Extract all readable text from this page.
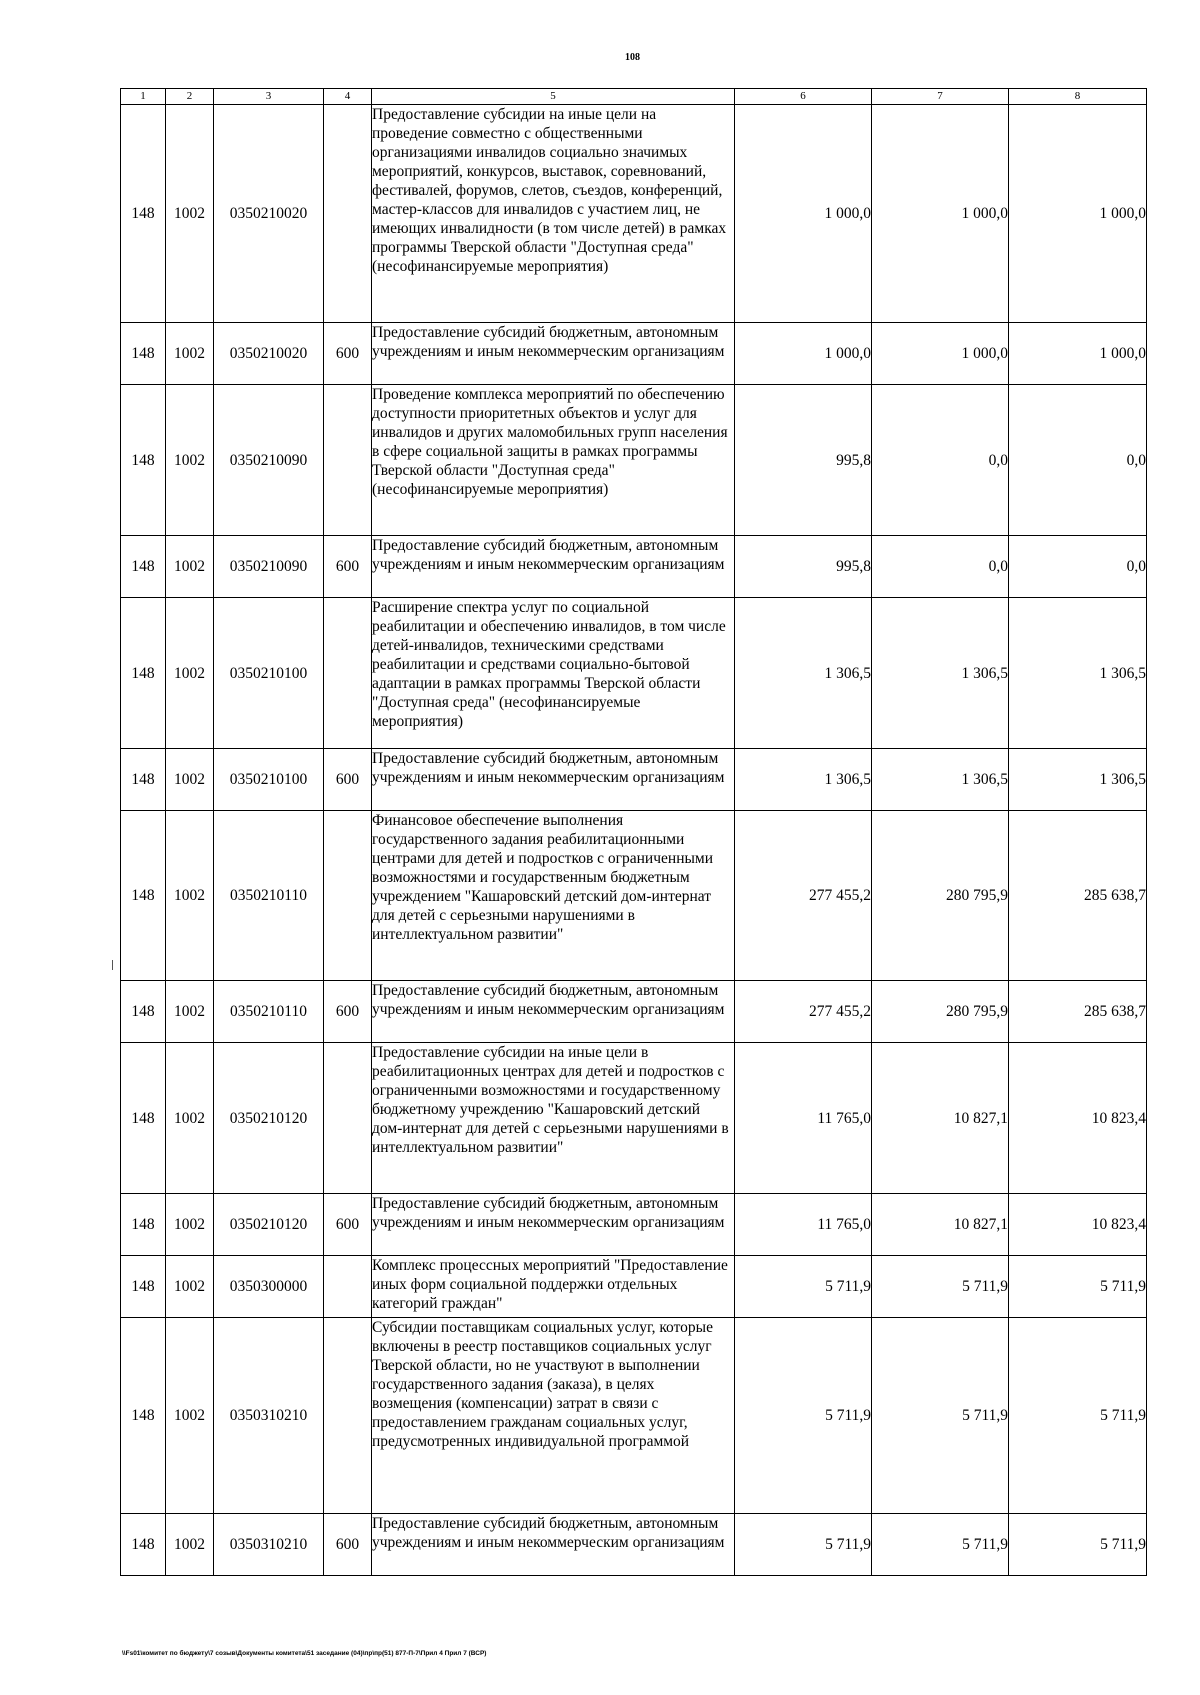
108
1	2	3	4	5	6	7	8
148	1002	0350210020		Предоставление субсидии на иные цели на проведение совместно с общественными организациями инвалидов социально значимых мероприятий, конкурсов, выставок, соревнований, фестивалей, форумов, слетов, съездов, конференций, мастер-классов для инвалидов с участием лиц, не имеющих инвалидности (в том числе детей) в рамках программы Тверской области "Доступная среда" (несофинансируемые мероприятия)	1 000,0	1 000,0	1 000,0
148	1002	0350210020	600	Предоставление субсидий бюджетным, автономным учреждениям и иным некоммерческим организациям	1 000,0	1 000,0	1 000,0
148	1002	0350210090		Проведение комплекса мероприятий по обеспечению доступности приоритетных объектов и услуг для инвалидов и других маломобильных групп населения в сфере социальной защиты в рамках программы Тверской области "Доступная среда" (несофинансируемые мероприятия)	995,8	0,0	0,0
148	1002	0350210090	600	Предоставление субсидий бюджетным, автономным учреждениям и иным некоммерческим организациям	995,8	0,0	0,0
148	1002	0350210100		Расширение спектра услуг по социальной реабилитации и обеспечению инвалидов, в том числе детей-инвалидов, техническими средствами реабилитации и средствами социально-бытовой адаптации в рамках программы Тверской области "Доступная среда" (несофинансируемые мероприятия)	1 306,5	1 306,5	1 306,5
148	1002	0350210100	600	Предоставление субсидий бюджетным, автономным учреждениям и иным некоммерческим организациям	1 306,5	1 306,5	1 306,5
148	1002	0350210110		Финансовое обеспечение выполнения государственного задания реабилитационными центрами для детей и подростков с ограниченными возможностями и государственным бюджетным учреждением "Кашаровский детский дом-интернат для детей с серьезными нарушениями в интеллектуальном развитии"	277 455,2	280 795,9	285 638,7
148	1002	0350210110	600	Предоставление субсидий бюджетным, автономным учреждениям и иным некоммерческим организациям	277 455,2	280 795,9	285 638,7
148	1002	0350210120		Предоставление субсидии на иные цели в реабилитационных центрах для детей и подростков с ограниченными возможностями и государственному бюджетному учреждению "Кашаровский детский дом-интернат для детей с серьезными нарушениями в интеллектуальном развитии"	11 765,0	10 827,1	10 823,4
148	1002	0350210120	600	Предоставление субсидий бюджетным, автономным учреждениям и иным некоммерческим организациям	11 765,0	10 827,1	10 823,4
148	1002	0350300000		Комплекс процессных мероприятий "Предоставление иных форм социальной поддержки отдельных категорий граждан"	5 711,9	5 711,9	5 711,9
148	1002	0350310210		Субсидии поставщикам социальных услуг, которые включены в реестр поставщиков социальных услуг Тверской области, но не участвуют в выполнении государственного задания (заказа), в целях возмещения (компенсации) затрат в связи с предоставлением гражданам социальных услуг, предусмотренных индивидуальной программой	5 711,9	5 711,9	5 711,9
148	1002	0350310210	600	Предоставление субсидий бюджетным, автономным учреждениям и иным некоммерческим организациям	5 711,9	5 711,9	5 711,9
\\Fs01\комитет по бюджету\7 созыв\Документы комитета\51 заседание (04)\пр\пр(51) 877-П-7\Прил 4 Прил 7 (ВСР)
